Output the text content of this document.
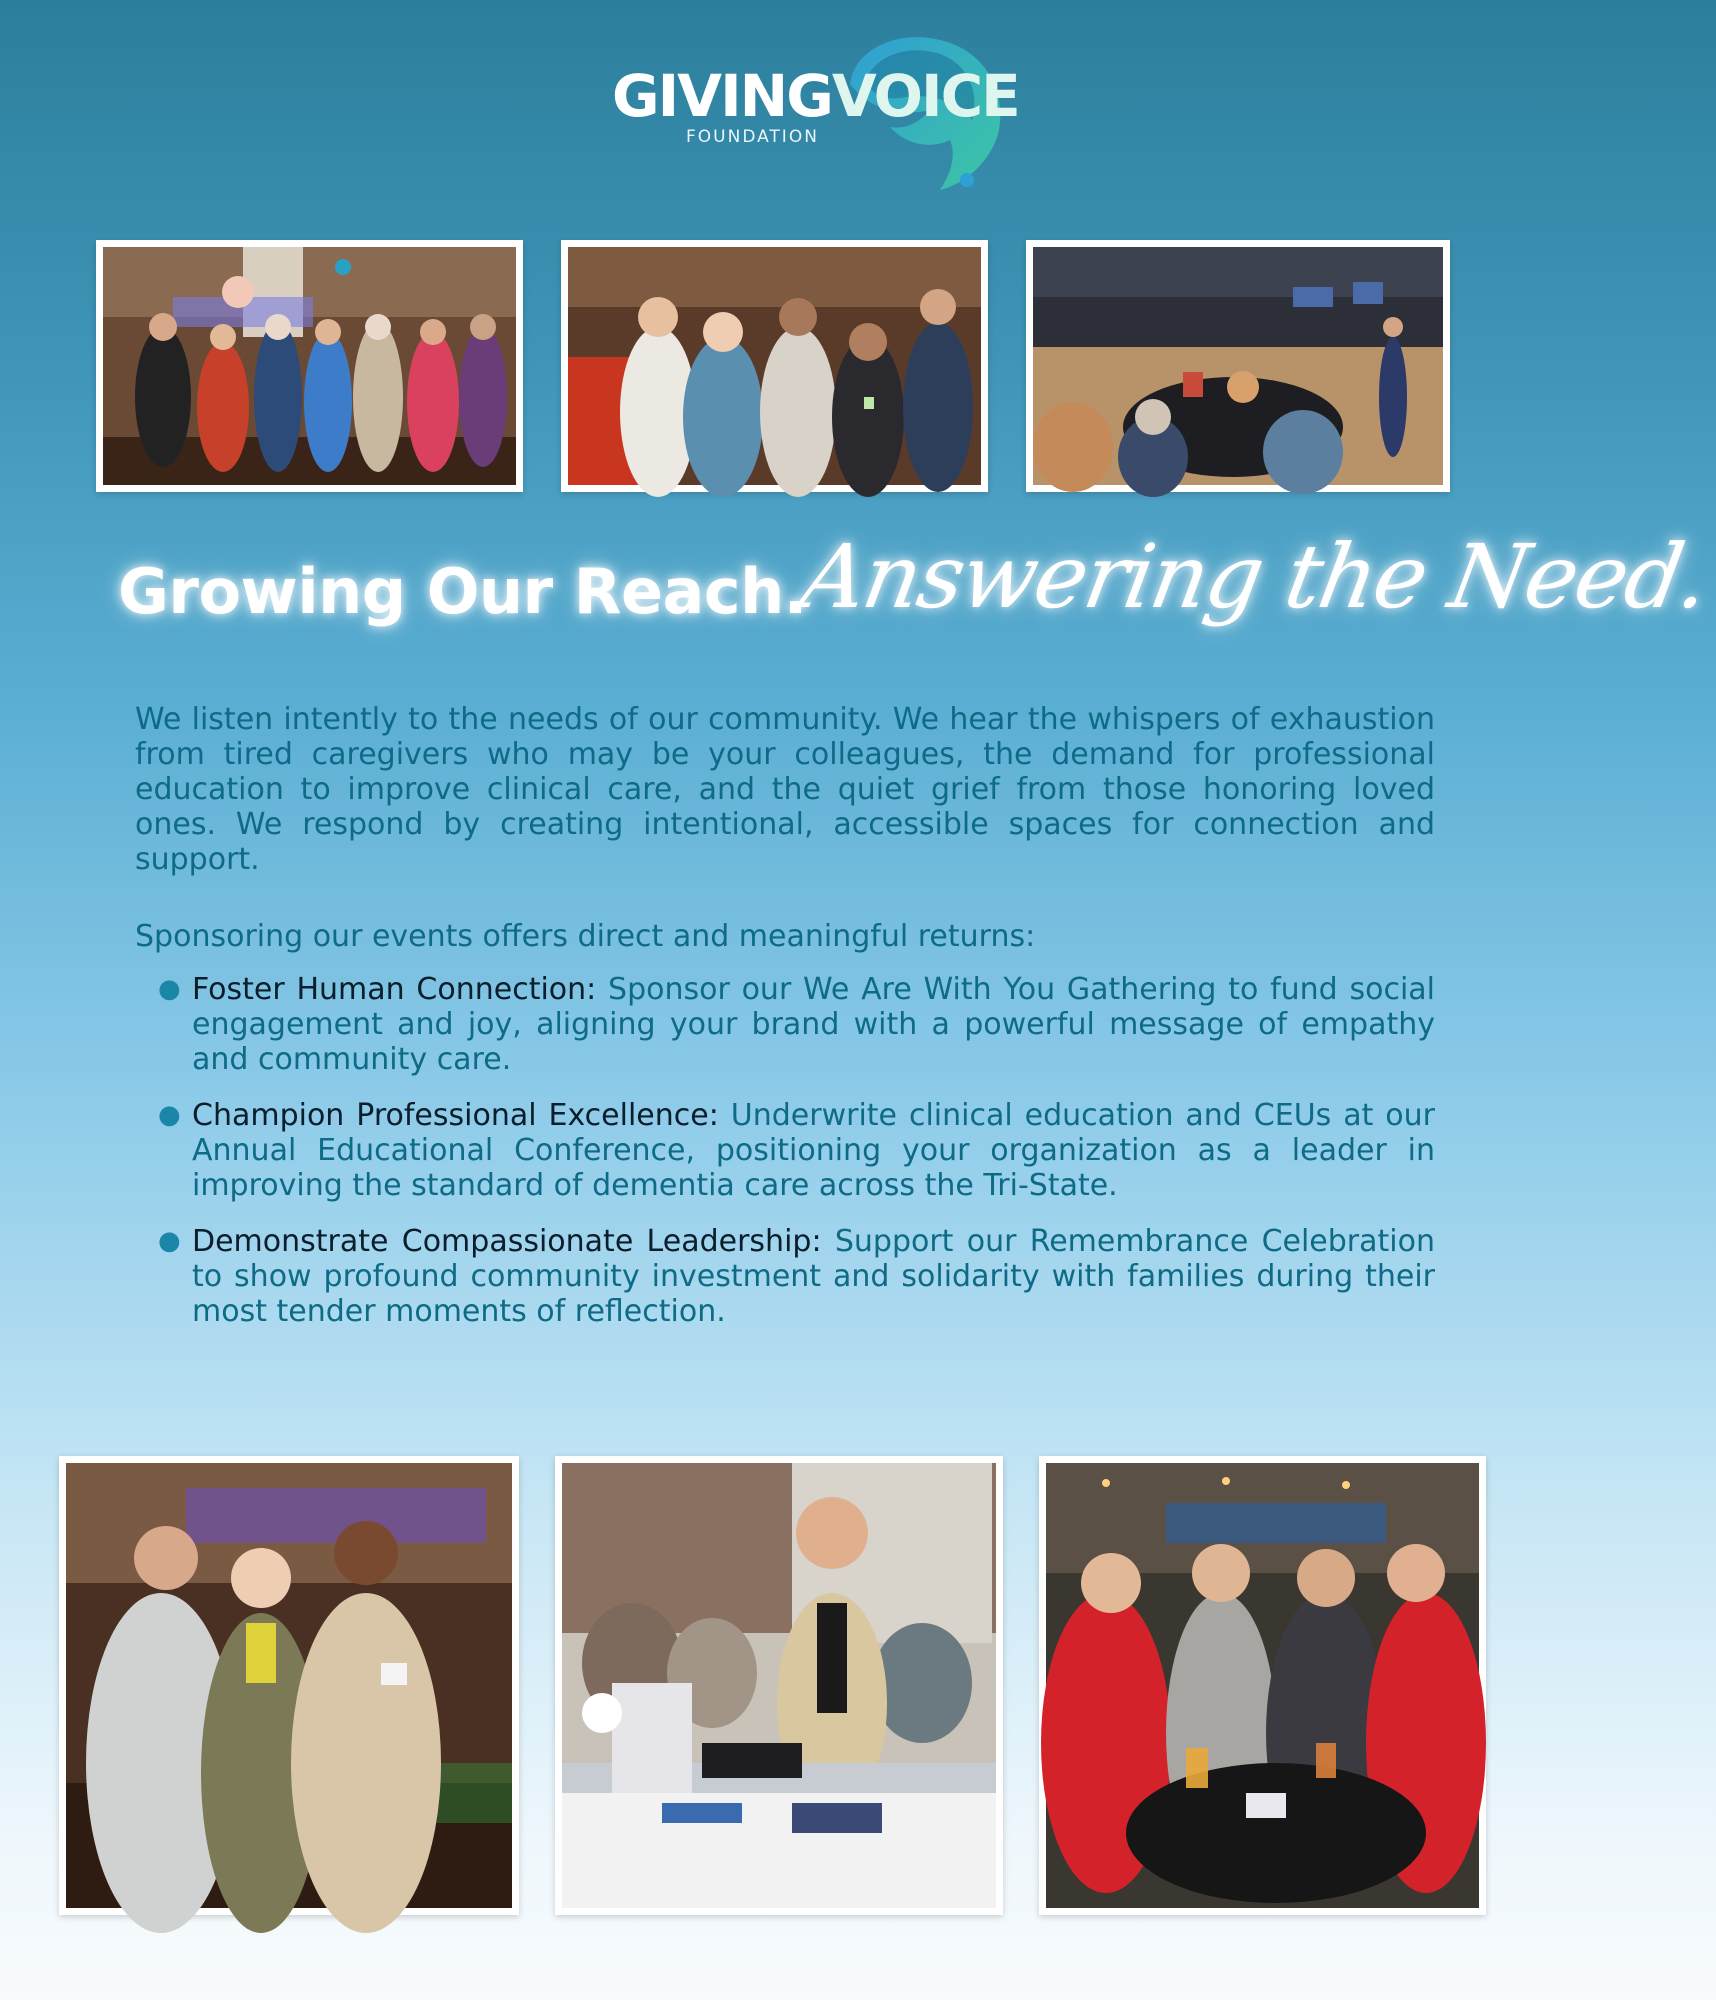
GIVINGVOICE
FOUNDATION
Growing Our Reach.
Answering the Need.

We listen intently to the needs of our community. We hear the whispers of exhaustion from tired caregivers who may be your colleagues, the demand for professional education to improve clinical care, and the quiet grief from those honoring loved ones. We respond by creating intentional, accessible spaces for connection and support.

Sponsoring our events offers direct and meaningful returns:

● Foster Human Connection: Sponsor our We Are With You Gathering to fund social engagement and joy, aligning your brand with a powerful message of empathy and community care.
● Champion Professional Excellence: Underwrite clinical education and CEUs at our Annual Educational Conference, positioning your organization as a leader in improving the standard of dementia care across the Tri-State.
● Demonstrate Compassionate Leadership: Support our Remembrance Celebration to show profound community investment and solidarity with families during their most tender moments of reflection.
